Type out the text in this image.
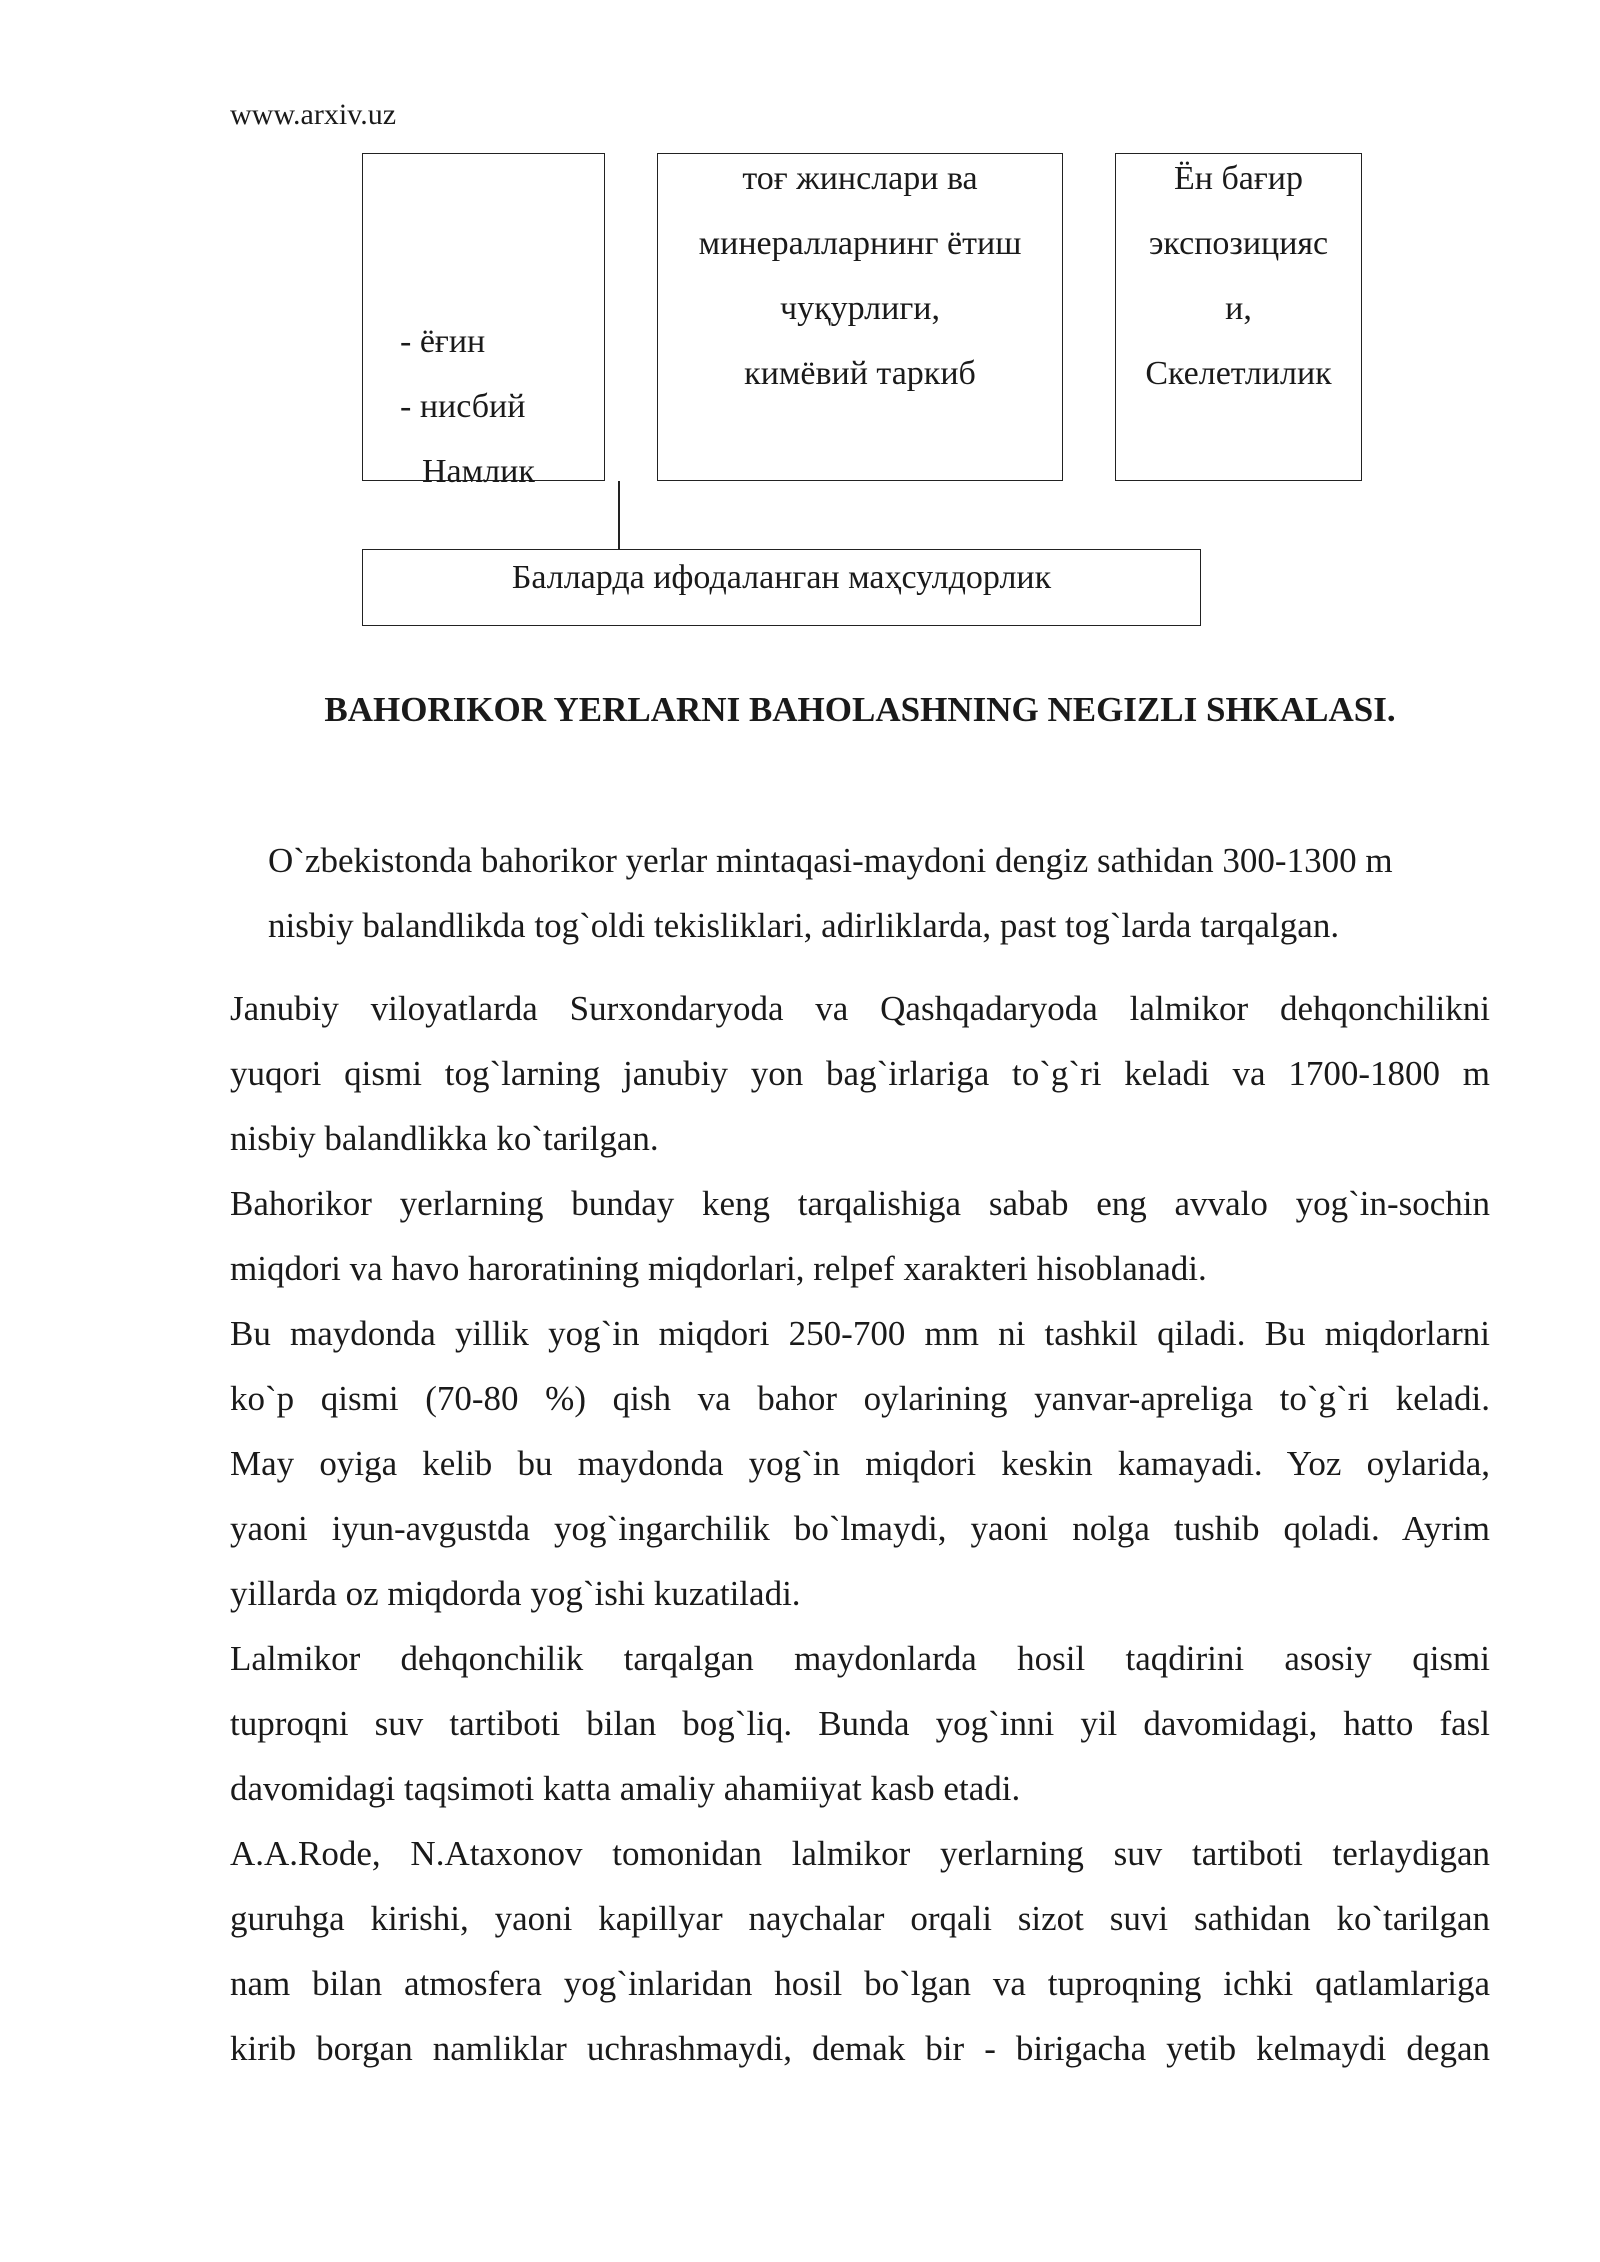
www.arxiv.uz
- ёғин
- нисбий
Намлик
тоғ жинслари ва
минералларнинг ётиш
чуқурлиги,
кимёвий таркиб
Ён бағир
экспозицияс
и,
Скелетлилик
Балларда ифодаланган маҳсулдорлик
BAHORIKOR YERLARNI BAHOLASHNING NEGIZLI SHKALASI.
O`zbekistonda bahorikor yerlar mintaqasi-maydoni dengiz sathidan 300-1300 m
nisbiy balandlikda tog`oldi tekisliklari, adirliklarda, past tog`larda tarqalgan.
Janubiy viloyatlarda Surxondaryoda va Qashqadaryoda lalmikor dehqonchilikni
yuqori qismi tog`larning janubiy yon bag`irlariga to`g`ri keladi va 1700-1800 m
nisbiy balandlikka ko`tarilgan.
Bahorikor yerlarning bunday keng tarqalishiga sabab eng avvalo yog`in-sochin
miqdori va havo haroratining miqdorlari, relpef xarakteri hisoblanadi.
Bu maydonda yillik yog`in miqdori 250-700 mm ni tashkil qiladi. Bu miqdorlarni
ko`p qismi (70-80 %) qish va bahor oylarining yanvar-apreliga to`g`ri keladi.
May oyiga kelib bu maydonda yog`in miqdori keskin kamayadi. Yoz oylarida,
yaoni iyun-avgustda yog`ingarchilik bo`lmaydi, yaoni nolga tushib qoladi. Ayrim
yillarda oz miqdorda yog`ishi kuzatiladi.
Lalmikor dehqonchilik tarqalgan maydonlarda hosil taqdirini asosiy qismi
tuproqni suv tartiboti bilan bog`liq. Bunda yog`inni yil davomidagi, hatto fasl
davomidagi taqsimoti katta amaliy ahamiiyat kasb etadi.
A.A.Rode, N.Ataxonov tomonidan lalmikor yerlarning suv tartiboti terlaydigan
guruhga kirishi, yaoni kapillyar naychalar orqali sizot suvi sathidan ko`tarilgan
nam bilan atmosfera yog`inlaridan hosil bo`lgan va tuproqning ichki qatlamlariga
kirib borgan namliklar uchrashmaydi, demak bir - birigacha yetib kelmaydi degan
